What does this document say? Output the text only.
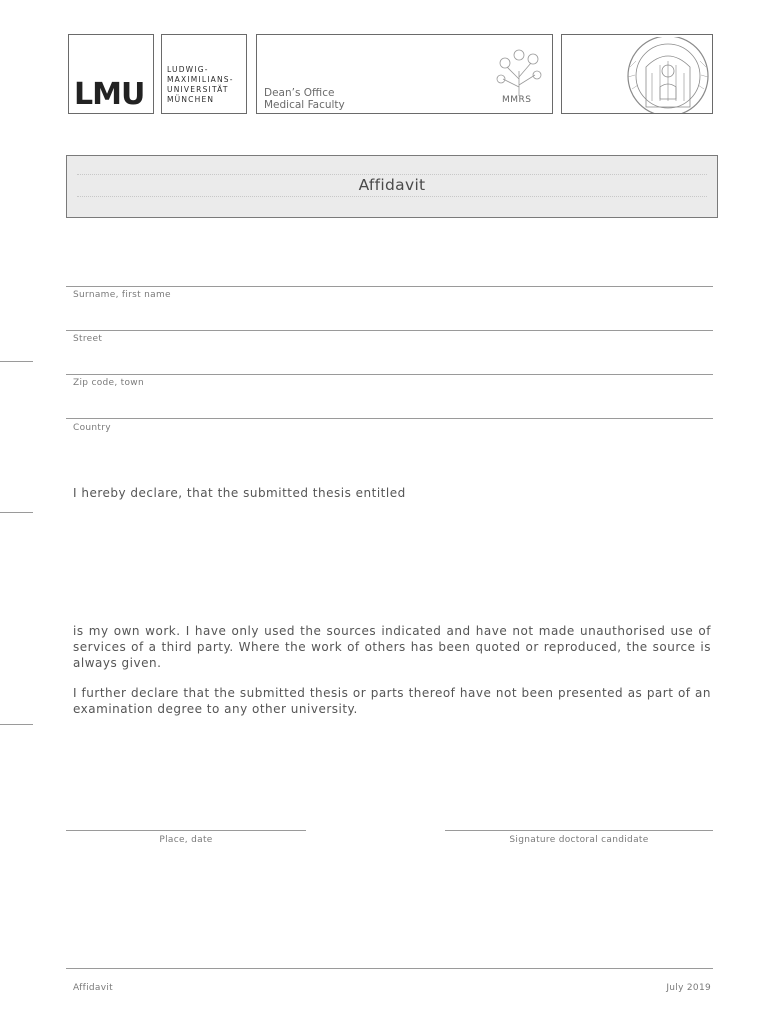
LMU

LUDWIG-
MAXIMILIANS-
UNIVERSITÄT
MÜNCHEN

Dean’s Office
Medical Faculty	MMRS
Affidavit
Surname, first name
Street
Zip code, town
Country

I hereby declare, that the submitted thesis entitled

is my own work. I have only used the sources indicated and have not made unauthorised use of services of a third party. Where the work of others has been quoted or reproduced, the source is always given.

I further declare that the submitted thesis or parts thereof have not been presented as part of an examination degree to any other university.

Place, date	Signature doctoral candidate
Affidavit	July 2019
